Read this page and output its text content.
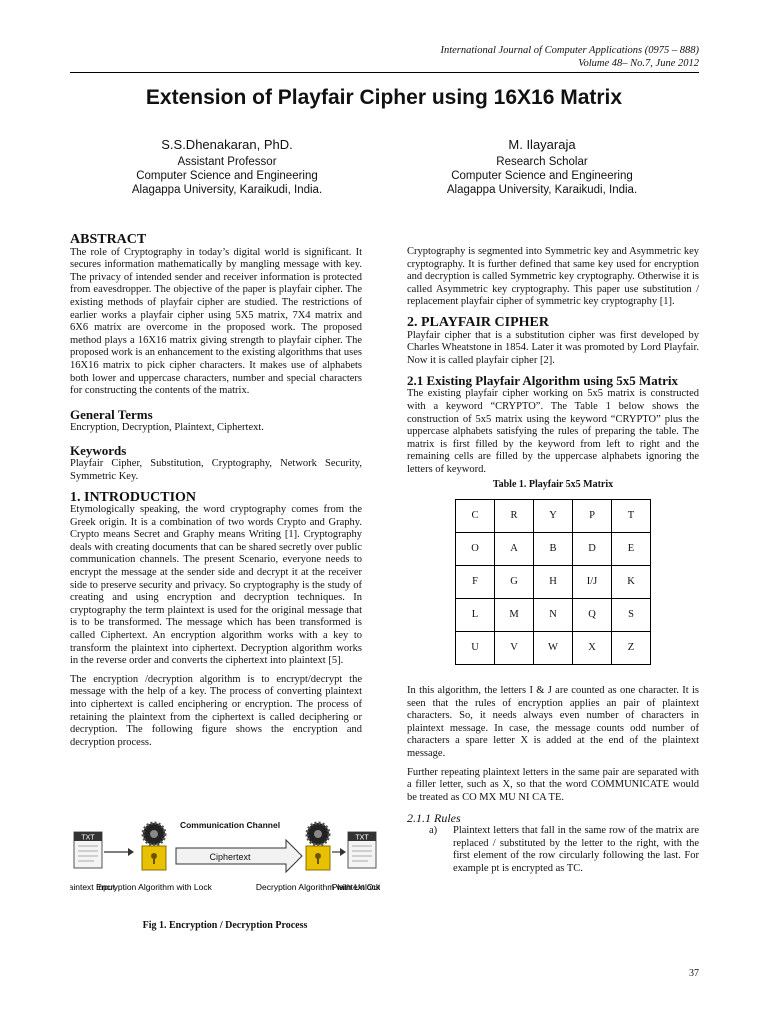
International Journal of Computer Applications (0975 – 888)
Volume 48– No.7, June 2012
Extension of Playfair Cipher using 16X16 Matrix
S.S.Dhenakaran, PhD.
Assistant Professor
Computer Science and Engineering
Alagappa University, Karaikudi, India.
M. Ilayaraja
Research Scholar
Computer Science and Engineering
Alagappa University, Karaikudi, India.
ABSTRACT

The role of Cryptography in today’s digital world is significant. It secures information mathematically by mangling message with key. The privacy of intended sender and receiver information is protected from eavesdropper. The objective of the paper is playfair cipher. The existing methods of playfair cipher are studied. The restrictions of earlier works a playfair cipher using 5X5 matrix, 7X4 matrix and 6X6 matrix are overcome in the proposed work. The proposed method plays a 16X16 matrix giving strength to playfair cipher. The proposed work is an enhancement to the existing algorithms that uses 16X16 matrix to pick cipher characters. It makes use of alphabets both lower and uppercase characters, number and special characters for constructing the contents of the matrix.

General Terms

Encryption, Decryption, Plaintext, Ciphertext.

Keywords

Playfair Cipher, Substitution, Cryptography, Network Security, Symmetric Key.

1. INTRODUCTION

Etymologically speaking, the word cryptography comes from the Greek origin. It is a combination of two words Crypto and Graphy. Crypto means Secret and Graphy means Writing [1]. Cryptography deals with creating documents that can be shared secretly over public communication channels. The present Scenario, everyone needs to encrypt the message at the sender side and decrypt it at the receiver side to preserve security and privacy. So cryptography is the study of creating and using encryption and decryption techniques. In cryptography the term plaintext is used for the original message that is to be transformed. The message which has been transformed is called Ciphertext. An encryption algorithm works with a key to transform the plaintext into ciphertext. Decryption algorithm works in the reverse order and converts the ciphertext into plaintext [5].

The encryption /decryption algorithm is to encrypt/decrypt the message with the help of a key. The process of converting plaintext into ciphertext is called enciphering or encryption. The process of retaining the plaintext from the ciphertext is called deciphering or decryption. The following figure shows the encryption and decryption process.

TXT
Ciphertext
Communication Channel
TXT
aintext Input
Encryption Algorithm with Lock	Decryption Algorithm with Unlock
Plaintext Out
Fig 1. Encryption / Decryption Process

Cryptography is segmented into Symmetric key and Asymmetric key cryptography. It is further defined that same key used for encryption and decryption is called Symmetric key cryptography. Otherwise it is called Asymmetric key cryptography. This paper use substitution / replacement playfair cipher of symmetric key cryptography [1].

2. PLAYFAIR CIPHER

Playfair cipher that is a substitution cipher was first developed by Charles Wheatstone in 1854. Later it was promoted by Lord Playfair. Now it is called playfair cipher [2].

2.1 Existing Playfair Algorithm using 5x5 Matrix

The existing playfair cipher working on 5x5 matrix is constructed with a keyword “CRYPTO”. The Table 1 below shows the construction of 5x5 matrix using the keyword “CRYPTO” plus the uppercase alphabets satisfying the rules of preparing the table. The matrix is first filled by the keyword from left to right and the remaining cells are filled by the uppercase alphabets ignoring the letters of keyword.

Table 1. Playfair 5x5 Matrix
C	R	Y	P	T
O	A	B	D	E
F	G	H	I/J	K
L	M	N	Q	S
U	V	W	X	Z

In this algorithm, the letters I & J are counted as one character. It is seen that the rules of encryption applies an pair of plaintext characters. So, it needs always even number of characters in plaintext message. In case, the message counts odd number of characters a spare letter X is added at the end of the plaintext message.

Further repeating plaintext letters in the same pair are separated with a filler letter, such as X, so that the word COMMUNICATE would be treated as CO MX MU NI CA TE.

2.1.1 Rules
a) Plaintext letters that fall in the same row of the matrix are replaced / substituted by the letter to the right, with the first element of the row circularly following the last. For example pt is encrypted as TC.

37
